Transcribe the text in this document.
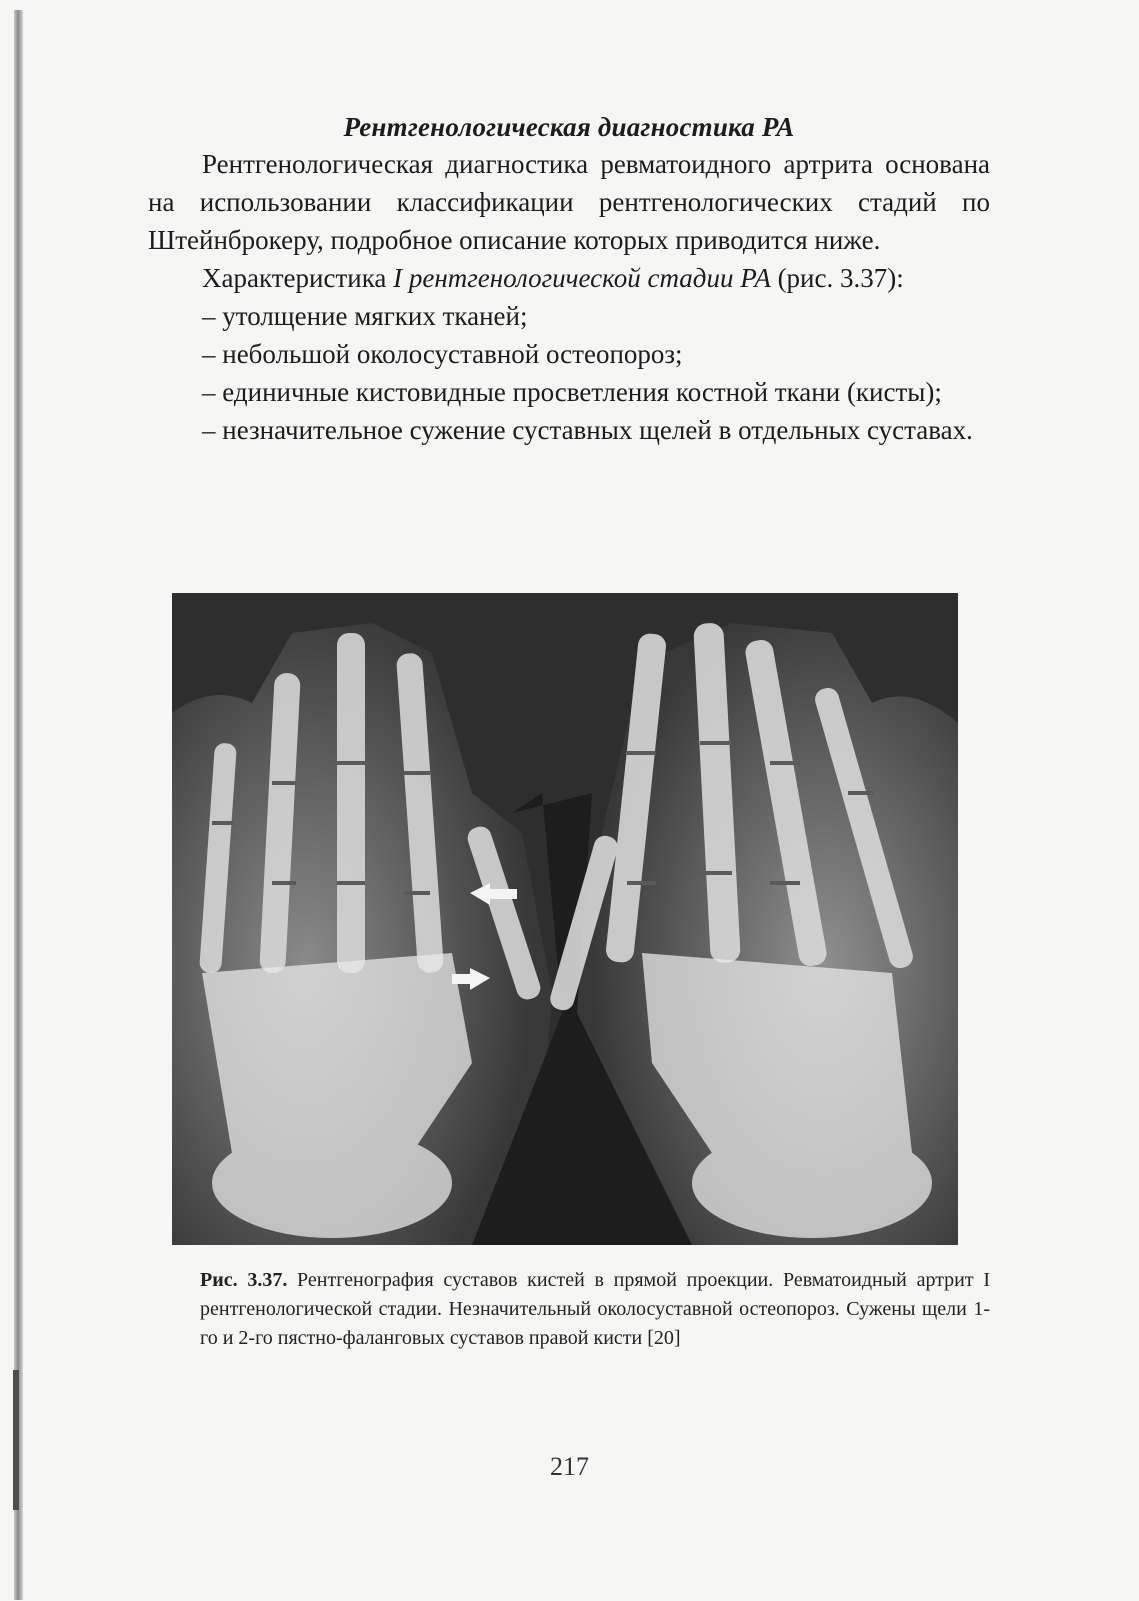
Рентгенологическая диагностика РА

Рентгенологическая диагностика ревматоидного артрита основана на использовании классификации рентгенологических стадий по Штейнброкеру, подробное описание которых приводится ниже.

Характеристика I рентгенологической стадии РА (рис. 3.37):

– утолщение мягких тканей;

– небольшой околосуставной остеопороз;

– единичные кистовидные просветления костной ткани (кисты);

– незначительное сужение суставных щелей в отдельных суставах.

Рис. 3.37. Рентгенография суставов кистей в прямой проекции. Ревматоидный артрит I рентгенологической стадии. Незначительный околосуставной остеопороз. Сужены щели 1-го и 2-го пястно-фаланговых суставов правой кисти [20]
217
